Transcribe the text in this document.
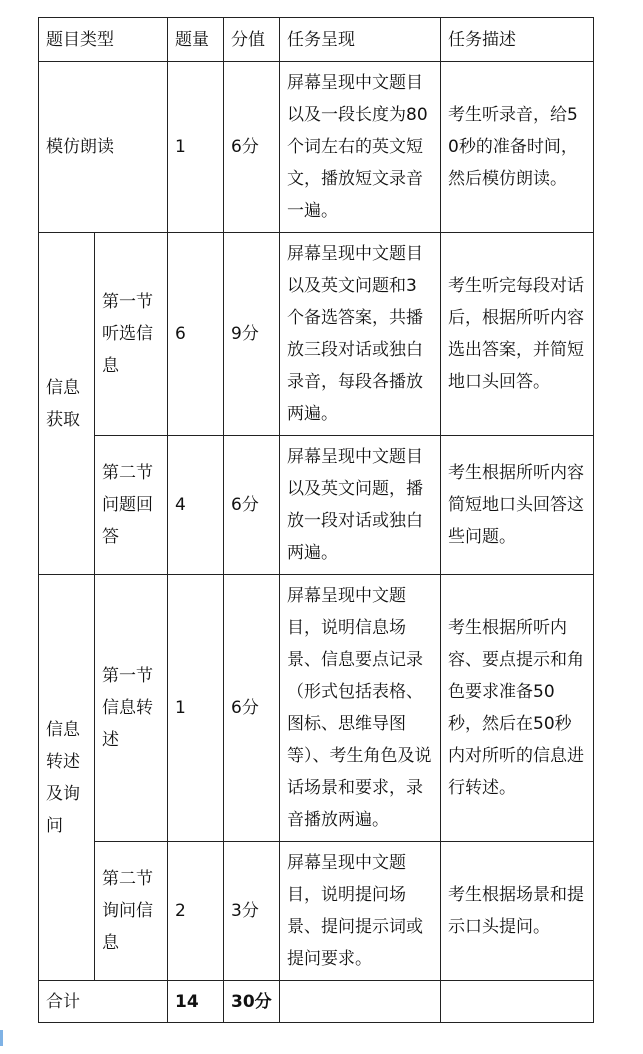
题目类型		题量	分值	任务呈现	任务描述
模仿朗读		1	6分	屏幕呈现中文题目以及一段长度为80个词左右的英文短文，播放短文录音一遍。	考生听录音，给50秒的准备时间，然后模仿朗读。
信息获取	第一节听选信息	6	9分	屏幕呈现中文题目以及英文问题和3个备选答案，共播放三段对话或独白录音，每段各播放两遍。	考生听完每段对话后，根据所听内容选出答案，并简短地口头回答。
	第二节问题回答	4	6分	屏幕呈现中文题目以及英文问题，播放一段对话或独白两遍。	考生根据所听内容简短地口头回答这些问题。
信息转述及询问	第一节信息转述	1	6分	屏幕呈现中文题目，说明信息场景、信息要点记录（形式包括表格、图标、思维导图等）、考生角色及说话场景和要求，录音播放两遍。	考生根据所听内容、要点提示和角色要求准备50秒，然后在50秒内对所听的信息进行转述。
	第二节询问信息	2	3分	屏幕呈现中文题目，说明提问场景、提问提示词或提问要求。	考生根据场景和提示口头提问。
合计		14	30分		
